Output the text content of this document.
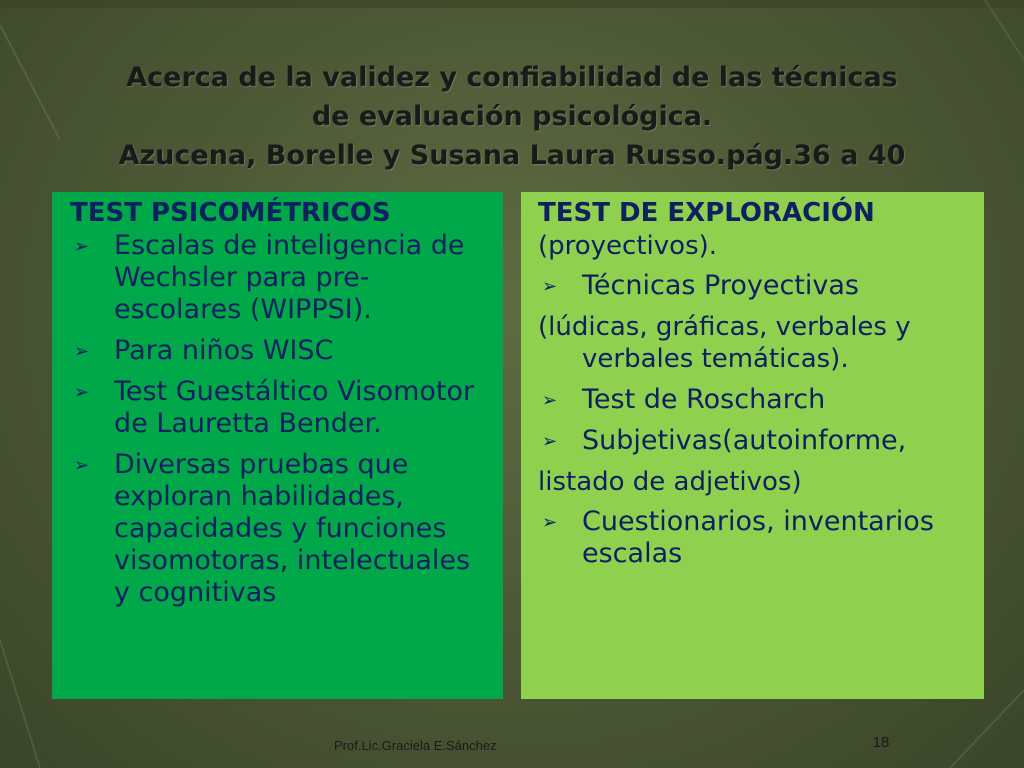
Acerca de la validez y confiabilidad de las técnicas
de evaluación psicológica.
Azucena, Borelle y Susana Laura Russo.pág.36 a 40
TEST PSICOMÉTRICOS
➢ Escalas de inteligencia de Wechsler para pre-escolares (WIPPSI).
➢ Para niños WISC
➢ Test Guestáltico Visomotor de Lauretta Bender.
➢ Diversas pruebas que exploran habilidades, capacidades y funciones visomotoras, intelectuales y cognitivas
TEST DE EXPLORACIÓN
(proyectivos).
➢ Técnicas Proyectivas
(lúdicas, gráficas, verbales y verbales temáticas).
➢ Test de Roscharch
➢ Subjetivas(autoinforme,
listado de adjetivos)
➢ Cuestionarios, inventarios escalas
Prof.Lic.Graciela E.Sánchez	18
